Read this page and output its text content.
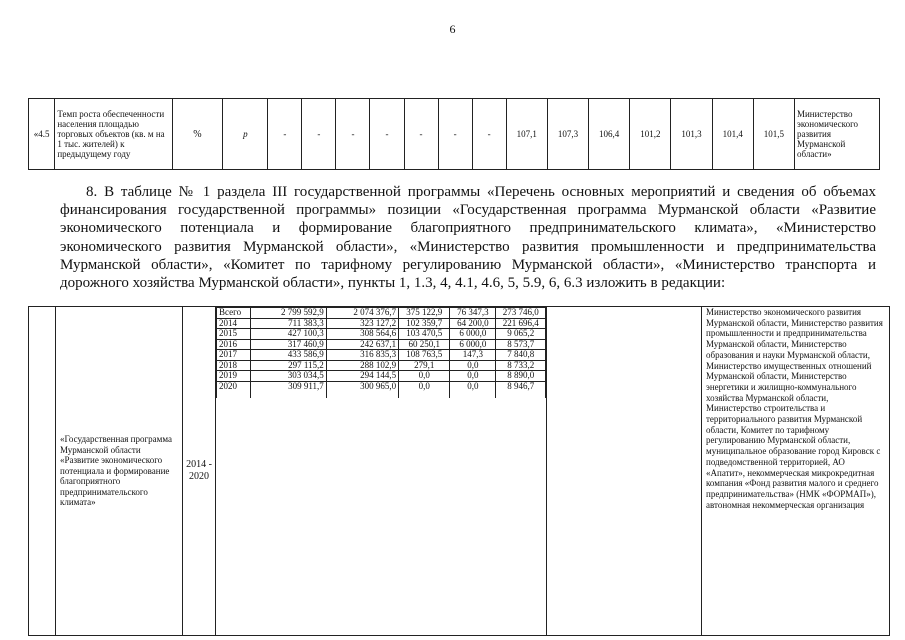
6
«4.5	Темп роста обеспеченности населения площадью торговых объектов (кв. м на 1 тыс. жителей) к предыдущему году	%	р	-	-	-	-	-	-	-	107,1	107,3	106,4	101,2	101,3	101,4	101,5	Министерство экономического развития Мурманской области»

8. В таблице № 1 раздела III государственной программы «Перечень основных мероприятий и сведения об объемах финансирования государственной программы» позиции «Государственная программа Мурманской области «Развитие экономического потенциала и формирование благоприятного предпринимательского климата», «Министерство экономического развития Мурманской области», «Министерство развития промышленности и предпринимательства Мурманской области», «Комитет по тарифному регулированию Мурманской области», «Министерство транспорта и дорожного хозяйства Мурманской области», пункты 1, 1.3, 4, 4.1, 4.6, 5, 5.9, 6, 6.3 изложить в редакции:

	«Государственная программа Мурманской области «Развитие экономического потенциала и формирование благоприятного предпринимательского климата»	2014 - 2020	
Всего	2 799 592,9	2 074 376,7	375 122,9	76 347,3	273 746,0
2014	711 383,3	323 127,2	102 359,7	64 200,0	221 696,4
2015	427 100,3	308 564,6	103 470,5	6 000,0	9 065,2
2016	317 460,9	242 637,1	60 250,1	6 000,0	8 573,7
2017	433 586,9	316 835,3	108 763,5	147,3	7 840,8
2018	297 115,2	288 102,9	279,1	0,0	8 733,2
2019	303 034,5	294 144,5	0,0	0,0	8 890,0
2020	309 911,7	300 965,0	0,0	0,0	8 946,7
		Министерство экономического развития Мурманской области, Министерство развития промышленности и предпринимательства Мурманской области, Министерство образования и науки Мурманской области, Министерство имущественных отношений Мурманской области, Министерство энергетики и жилищно-коммунального хозяйства Мурманской области, Министерство строительства и территориального развития Мурманской области, Комитет по тарифному регулированию Мурманской области, муниципальное образование город Кировск с подведомственной территорией, АО «Апатит», некоммерческая микрокредитная компания «Фонд развития малого и среднего предпринимательства» (НМК «ФОРМАП»), автономная некоммерческая организация
